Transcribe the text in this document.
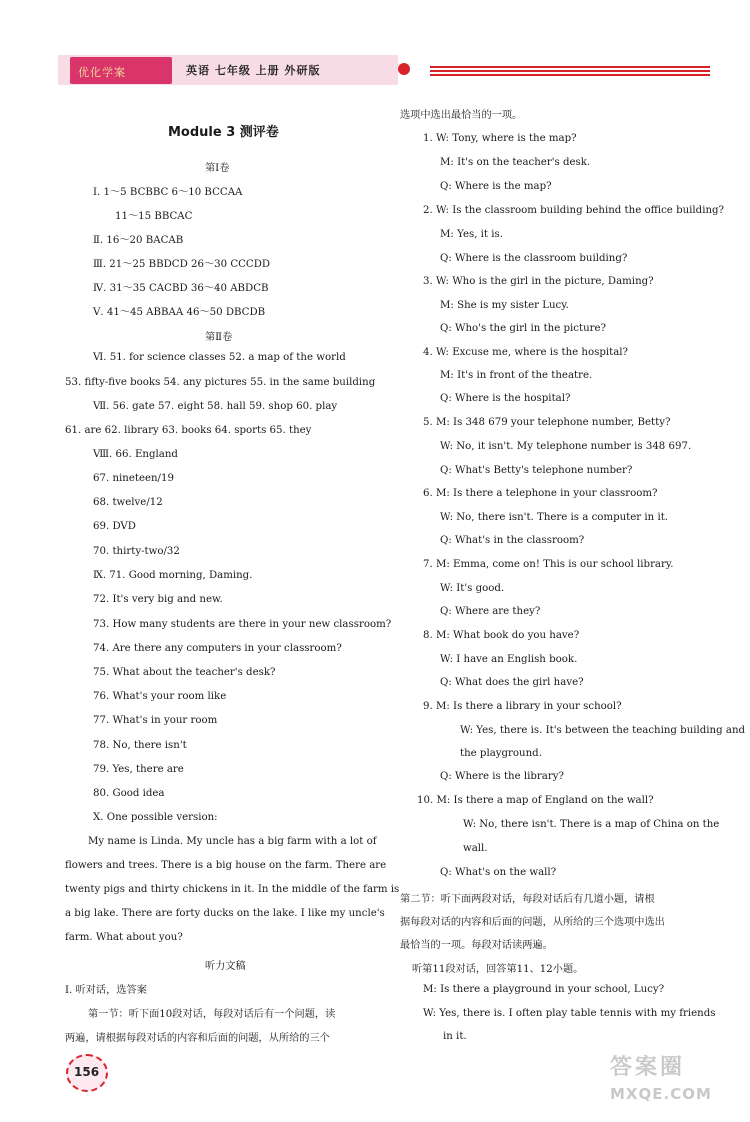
优化学案	英语 七年级 上册 外研版
Module 3 测评卷
第Ⅰ卷
Ⅰ. 1～5 BCBBC 6～10 BCCAA
11～15 BBCAC
Ⅱ. 16～20 BACAB
Ⅲ. 21～25 BBDCD 26～30 CCCDD
Ⅳ. 31～35 CACBD 36～40 ABDCB
Ⅴ. 41～45 ABBAA 46～50 DBCDB
第Ⅱ卷
Ⅵ. 51. for science classes 52. a map of the world
53. fifty-five books 54. any pictures 55. in the same building
Ⅶ. 56. gate 57. eight 58. hall 59. shop 60. play
61. are 62. library 63. books 64. sports 65. they
Ⅷ. 66. England
67. nineteen/19
68. twelve/12
69. DVD
70. thirty-two/32
Ⅸ. 71. Good morning, Daming.
72. It's very big and new.
73. How many students are there in your new classroom?
74. Are there any computers in your classroom?
75. What about the teacher's desk?
76. What's your room like
77. What's in your room
78. No, there isn't
79. Yes, there are
80. Good idea
Ⅹ. One possible version:
My name is Linda. My uncle has a big farm with a lot of
flowers and trees. There is a big house on the farm. There are
twenty pigs and thirty chickens in it. In the middle of the farm is
a big lake. There are forty ducks on the lake. I like my uncle's
farm. What about you?
听力文稿
Ⅰ. 听对话，选答案
第一节：听下面10段对话，每段对话后有一个问题，读
两遍，请根据每段对话的内容和后面的问题，从所给的三个
选项中选出最恰当的一项。
1. W: Tony, where is the map?
M: It's on the teacher's desk.
Q: Where is the map?
2. W: Is the classroom building behind the office building?
M: Yes, it is.
Q: Where is the classroom building?
3. W: Who is the girl in the picture, Daming?
M: She is my sister Lucy.
Q: Who's the girl in the picture?
4. W: Excuse me, where is the hospital?
M: It's in front of the theatre.
Q: Where is the hospital?
5. M: Is 348 679 your telephone number, Betty?
W: No, it isn't. My telephone number is 348 697.
Q: What's Betty's telephone number?
6. M: Is there a telephone in your classroom?
W: No, there isn't. There is a computer in it.
Q: What's in the classroom?
7. M: Emma, come on! This is our school library.
W: It's good.
Q: Where are they?
8. M: What book do you have?
W: I have an English book.
Q: What does the girl have?
9. M: Is there a library in your school?
W: Yes, there is. It's between the teaching building and
the playground.
Q: Where is the library?
10. M: Is there a map of England on the wall?
W: No, there isn't. There is a map of China on the
wall.
Q: What's on the wall?
第二节：听下面两段对话，每段对话后有几道小题，请根
据每段对话的内容和后面的问题，从所给的三个选项中选出
最恰当的一项。每段对话读两遍。
听第11段对话，回答第11、12小题。
M: Is there a playground in your school, Lucy?
W: Yes, there is. I often play table tennis with my friends
in it.
156	答案圈
MXQE.COM
